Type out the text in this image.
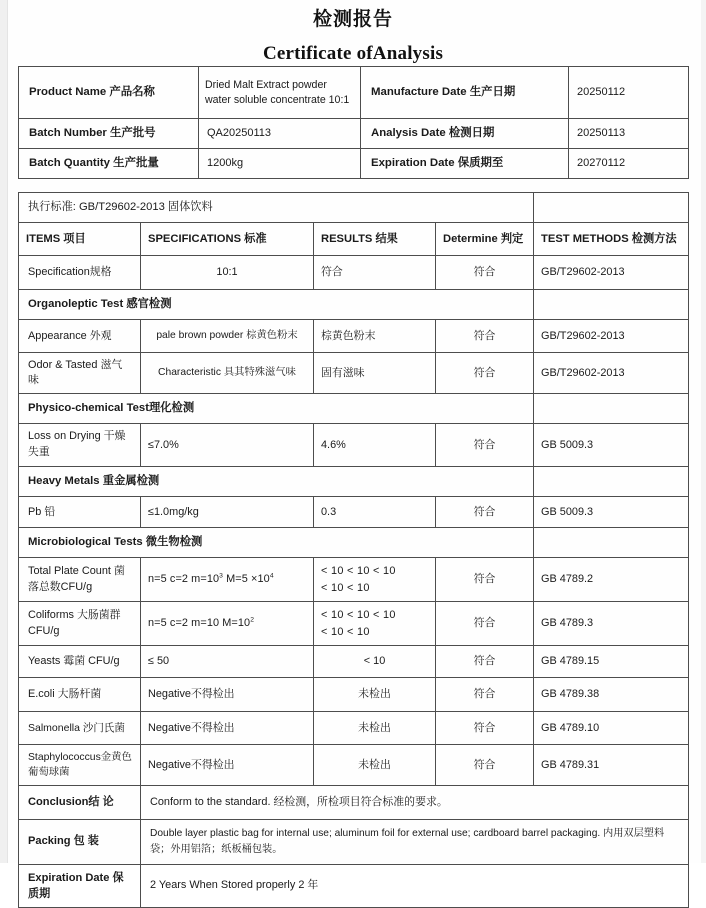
检测报告
Certificate ofAnalysis
Product Name 产品名称	Dried Malt Extract powder water soluble concentrate 10:1	Manufacture Date 生产日期	20250112
Batch Number 生产批号	QA20250113	Analysis Date 检测日期	20250113
Batch Quantity 生产批量	1200kg	Expiration Date 保质期至	20270112
执行标准: GB/T29602-2013 固体饮料				
ITEMS 项目	SPECIFICATIONS 标准	RESULTS 结果	Determine 判定	TEST METHODS 检测方法
Specification规格	10:1	符合	符合	GB/T29602-2013
Organoleptic Test 感官检测				
Appearance 外观	pale brown powder 棕黄色粉末	棕黄色粉末	符合	GB/T29602-2013
Odor & Tasted 滋气味	Characteristic 具其特殊滋气味	固有滋味	符合	GB/T29602-2013
Physico-chemical Test理化检测				
Loss on Drying 干燥失重	≤7.0%	4.6%	符合	GB 5009.3
Heavy Metals 重金属检测				
Pb 铅	≤1.0mg/kg	0.3	符合	GB 5009.3
Microbiological Tests 微生物检测				
Total Plate Count 菌落总数CFU/g	n=5 c=2 $m=10^3$ $M=5 \times 10^4$	< 10 < 10 < 10
< 10 < 10	符合	GB 4789.2
Coliforms 大肠菌群CFU/g	n=5 c=2 m=10 $M=10^2$	< 10 < 10 < 10
< 10 < 10	符合	GB 4789.3
Yeasts 霉菌 CFU/g	≤ 50	< 10	符合	GB 4789.15
E.coli 大肠杆菌	Negative不得检出	未检出	符合	GB 4789.38
Salmonella 沙门氏菌	Negative不得检出	未检出	符合	GB 4789.10
Staphylococcus金黄色葡萄球菌	Negative不得检出	未检出	符合	GB 4789.31
Conclusion结 论	Conform to the standard. 经检测，所检项目符合标准的要求。			
Packing 包 装	Double layer plastic bag for internal use; aluminum foil for external use; cardboard barrel packaging. 内用双层塑料袋；外用铝箔；纸板桶包装。			
Expiration Date 保质期	2 Years When Stored properly 2 年			
